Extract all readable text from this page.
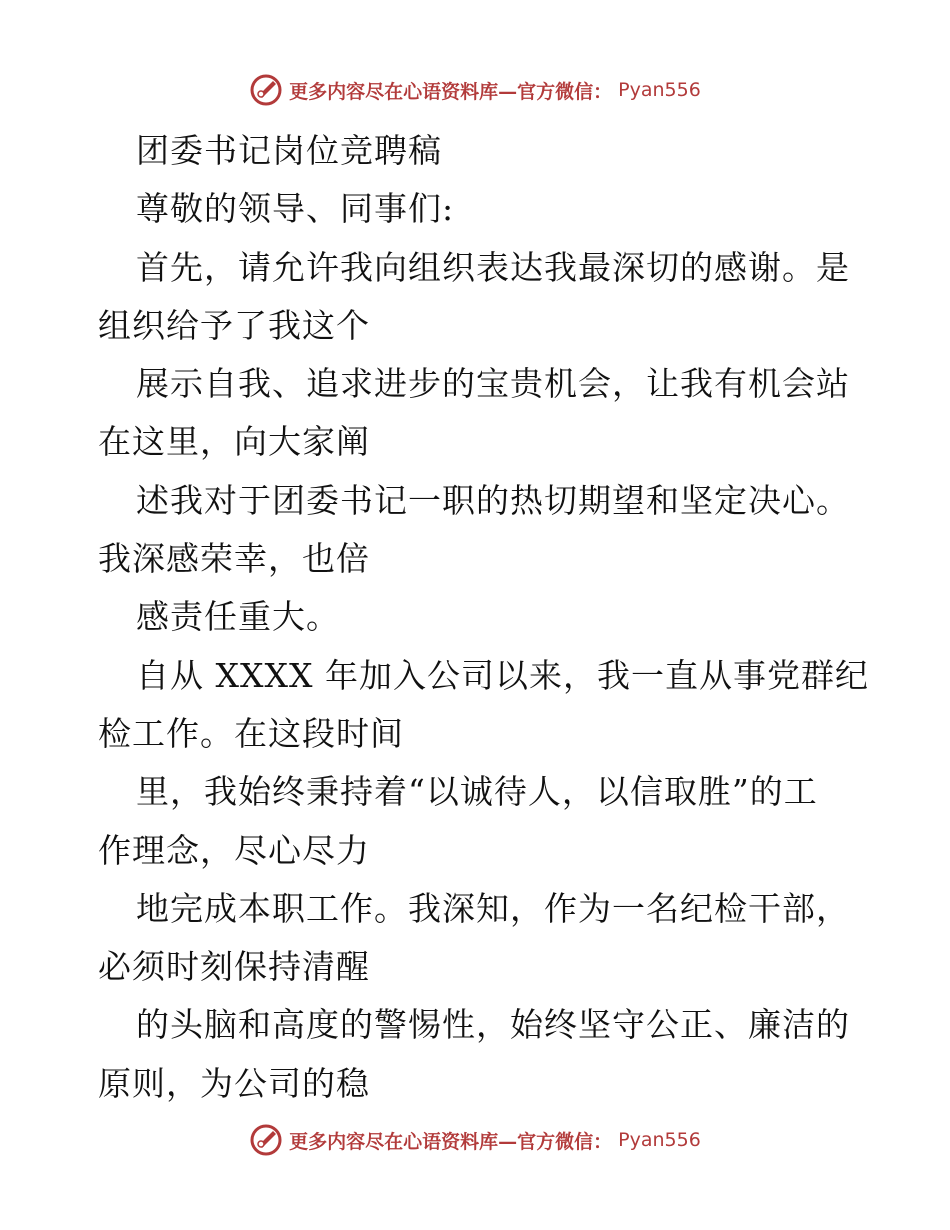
更多内容尽在心语资料库—官方微信： Pyan556
团委书记岗位竞聘稿
尊敬的领导、同事们:
首先，请允许我向组织表达我最深切的感谢。是
组织给予了我这个
展示自我、追求进步的宝贵机会，让我有机会站
在这里，向大家阐
述我对于团委书记一职的热切期望和坚定决心。
我深感荣幸，也倍
感责任重大。
自从 XXXX 年加入公司以来，我一直从事党群纪
检工作。在这段时间
里，我始终秉持着“以诚待人，以信取胜”的工
作理念，尽心尽力
地完成本职工作。我深知，作为一名纪检干部，
必须时刻保持清醒
的头脑和高度的警惕性，始终坚守公正、廉洁的
原则，为公司的稳
更多内容尽在心语资料库—官方微信： Pyan556
